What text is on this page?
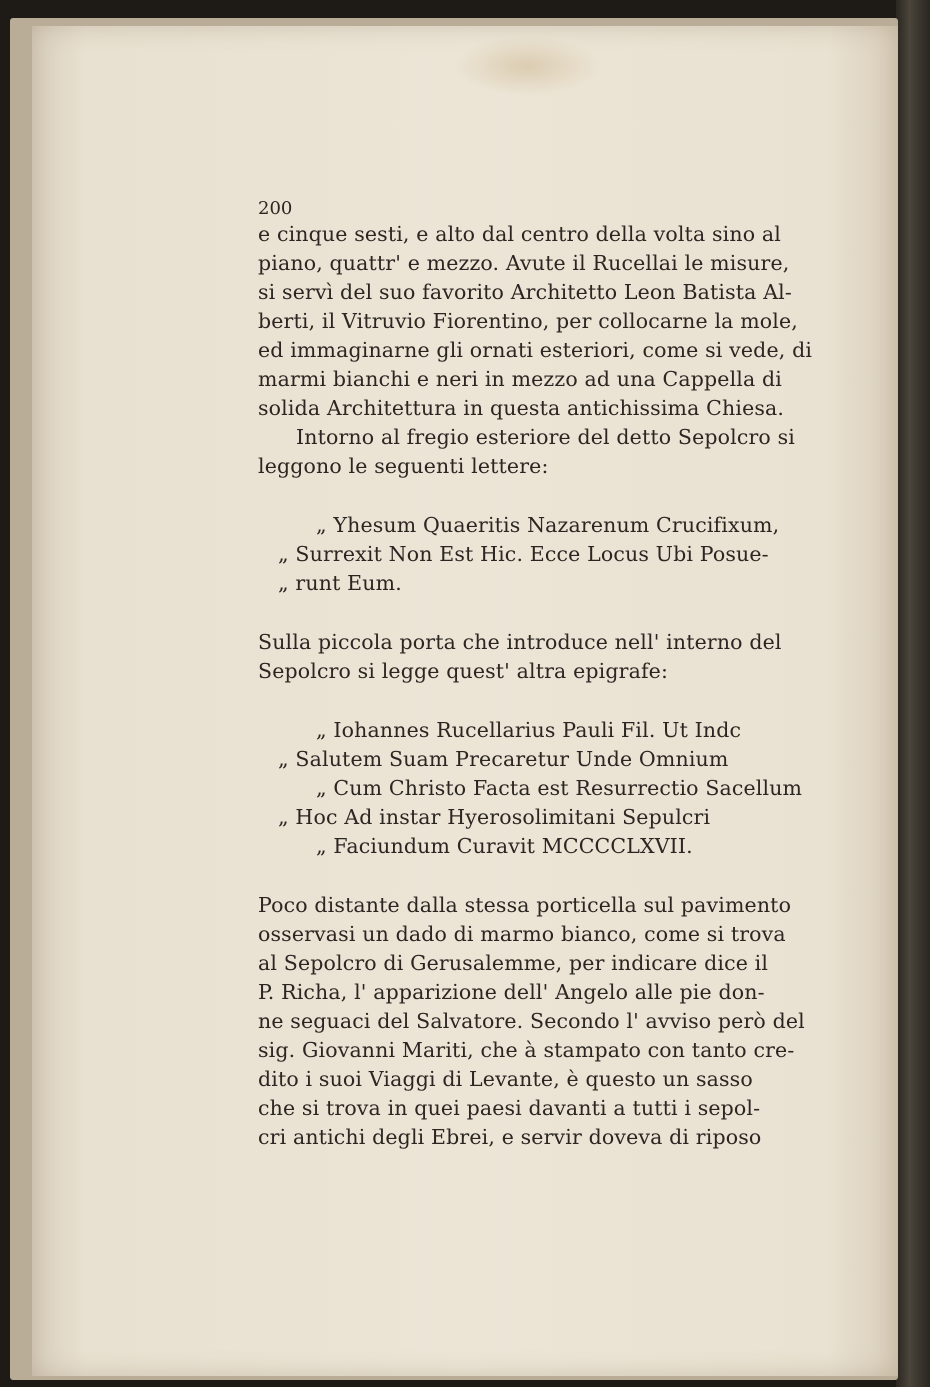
200
e cinque sesti, e alto dal centro della volta sino al
piano, quattr' e mezzo. Avute il Rucellai le misure,
si servì del suo favorito Architetto Leon Batista Al-
berti, il Vitruvio Fiorentino, per collocarne la mole,
ed immaginarne gli ornati esteriori, come si vede, di
marmi bianchi e neri in mezzo ad una Cappella di
solida Architettura in questa antichissima Chiesa.
Intorno al fregio esteriore del detto Sepolcro si
leggono le seguenti lettere:
„ Yhesum Quaeritis Nazarenum Crucifixum,
„ Surrexit Non Est Hic. Ecce Locus Ubi Posue-
„ runt Eum.
Sulla piccola porta che introduce nell' interno del
Sepolcro si legge quest' altra epigrafe:
„ Iohannes Rucellarius Pauli Fil. Ut Indc
„ Salutem Suam Precaretur Unde Omnium
„ Cum Christo Facta est Resurrectio Sacellum
„ Hoc Ad instar Hyerosolimitani Sepulcri
„ Faciundum Curavit MCCCCLXVII.
Poco distante dalla stessa porticella sul pavimento
osservasi un dado di marmo bianco, come si trova
al Sepolcro di Gerusalemme, per indicare dice il
P. Richa, l' apparizione dell' Angelo alle pie don-
ne seguaci del Salvatore. Secondo l' avviso però del
sig. Giovanni Mariti, che à stampato con tanto cre-
dito i suoi Viaggi di Levante, è questo un sasso
che si trova in quei paesi davanti a tutti i sepol-
cri antichi degli Ebrei, e servir doveva di riposo
